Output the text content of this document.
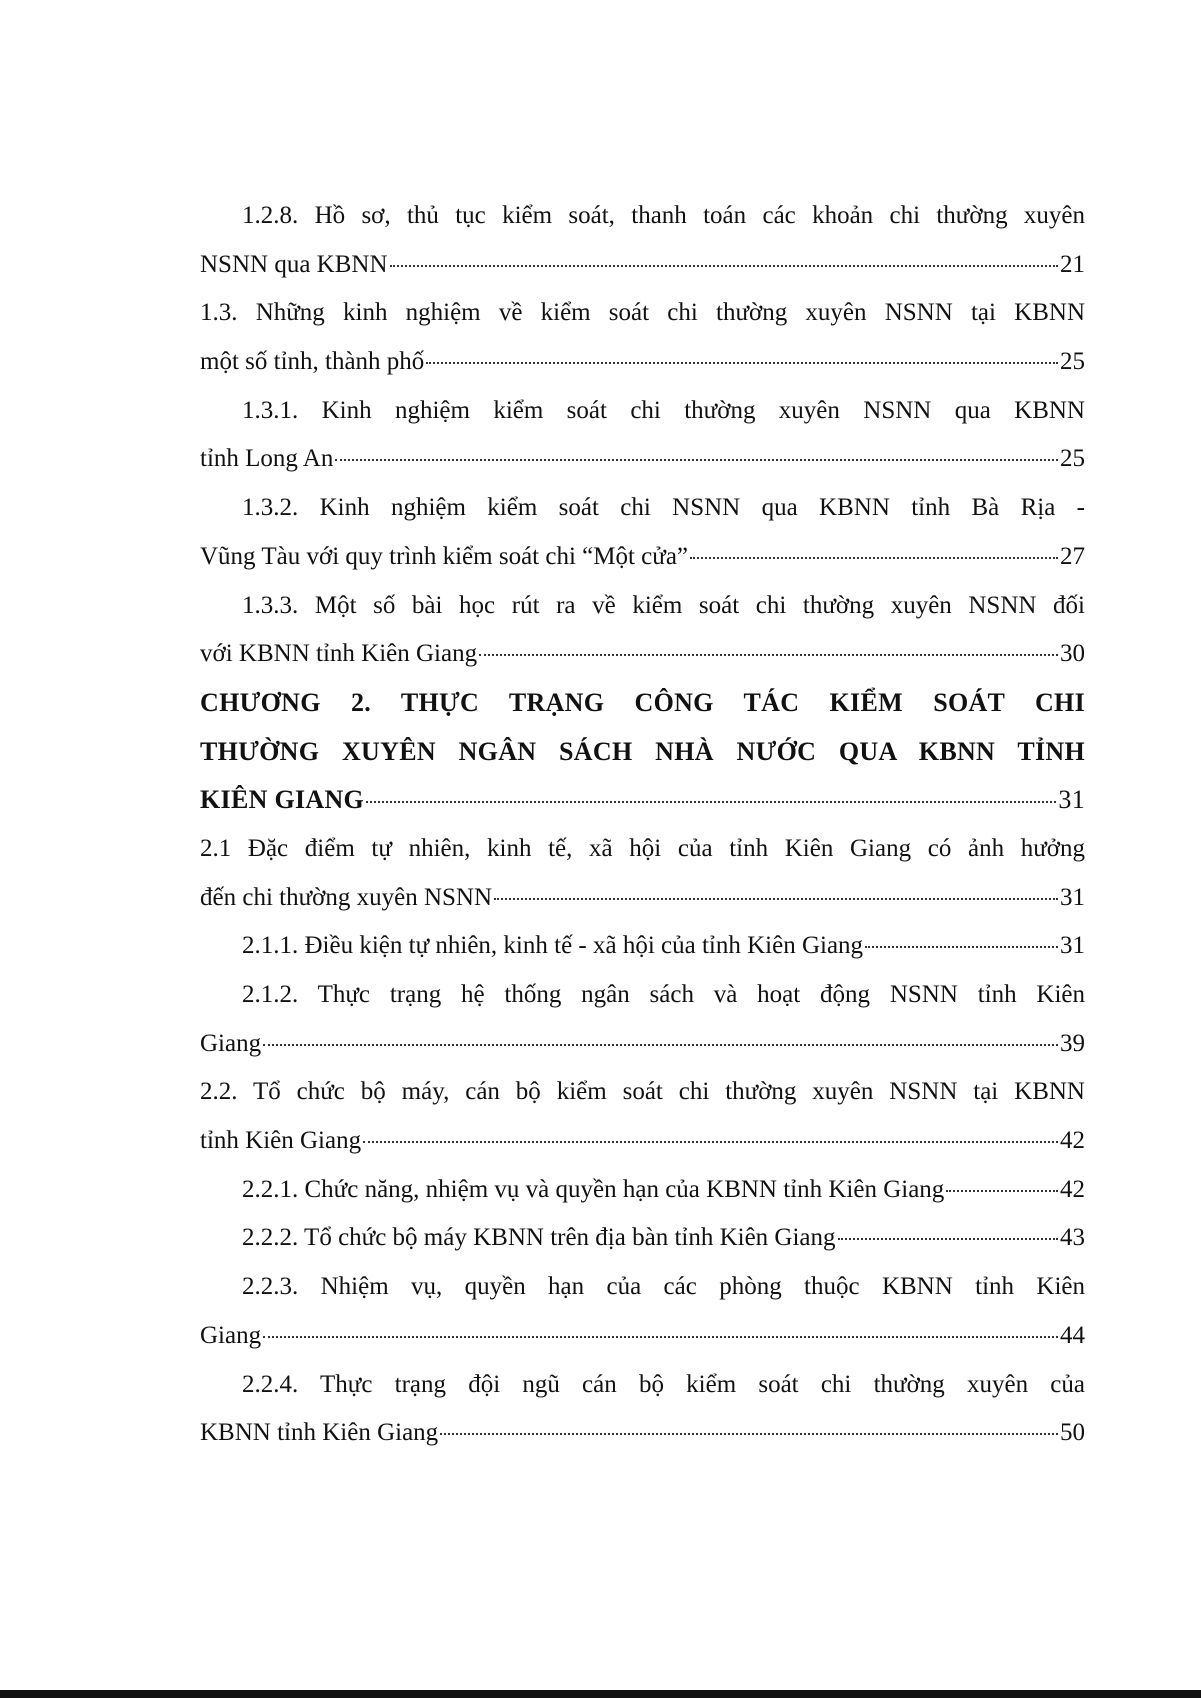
1.2.8. Hồ sơ, thủ tục kiểm soát, thanh toán các khoản chi thường xuyên
NSNN qua KBNN	21
1.3. Những kinh nghiệm về kiểm soát chi thường xuyên NSNN tại KBNN
một số tỉnh, thành phố	25
1.3.1. Kinh nghiệm kiểm soát chi thường xuyên NSNN qua KBNN
tỉnh Long An	25
1.3.2. Kinh nghiệm kiểm soát chi NSNN qua KBNN tỉnh Bà Rịa -
Vũng Tàu với quy trình kiểm soát chi “Một cửa”	27
1.3.3. Một số bài học rút ra về kiểm soát chi thường xuyên NSNN đối
với KBNN tỉnh Kiên Giang	30
CHƯƠNG 2. THỰC TRẠNG CÔNG TÁC KIỂM SOÁT CHI
THƯỜNG XUYÊN NGÂN SÁCH NHÀ NƯỚC QUA KBNN TỈNH
KIÊN GIANG	31
2.1 Đặc điểm tự nhiên, kinh tế, xã hội của tỉnh Kiên Giang có ảnh hưởng
đến chi thường xuyên NSNN	31
2.1.1. Điều kiện tự nhiên, kinh tế - xã hội của tỉnh Kiên Giang	31
2.1.2. Thực trạng hệ thống ngân sách và hoạt động NSNN tỉnh Kiên
Giang	39
2.2. Tổ chức bộ máy, cán bộ kiểm soát chi thường xuyên NSNN tại KBNN
tỉnh Kiên Giang	42
2.2.1. Chức năng, nhiệm vụ và quyền hạn của KBNN tỉnh Kiên Giang	42
2.2.2. Tổ chức bộ máy KBNN trên địa bàn tỉnh Kiên Giang	43
2.2.3. Nhiệm vụ, quyền hạn của các phòng thuộc KBNN tỉnh Kiên
Giang	44
2.2.4. Thực trạng đội ngũ cán bộ kiểm soát chi thường xuyên của
KBNN tỉnh Kiên Giang	50
